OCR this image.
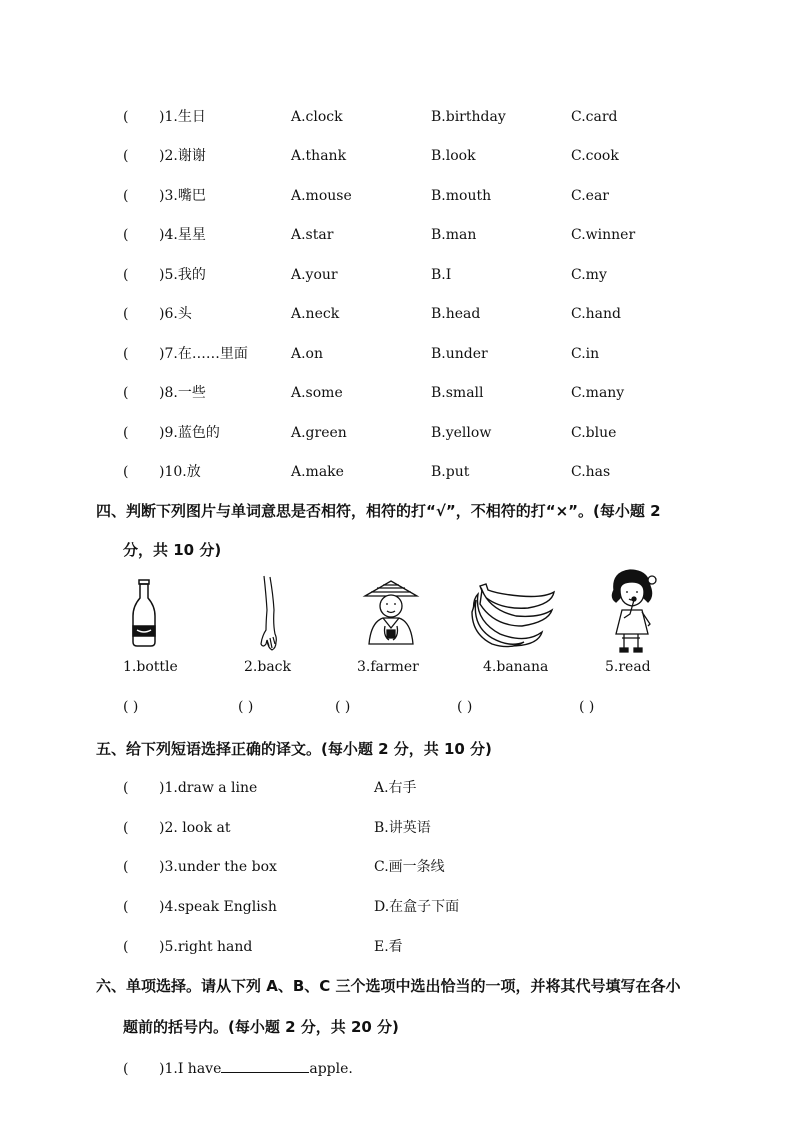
( )1.生日	A.clock	B.birthday	C.card
( )2.谢谢	A.thank	B.look	C.cook
( )3.嘴巴	A.mouse	B.mouth	C.ear
( )4.星星	A.star	B.man	C.winner
( )5.我的	A.your	B.I	C.my
( )6.头	A.neck	B.head	C.hand
( )7.在……里面	A.on	B.under	C.in
( )8.一些	A.some	B.small	C.many
( )9.蓝色的	A.green	B.yellow	C.blue
( )10.放	A.make	B.put	C.has
四、判断下列图片与单词意思是否相符，相符的打“√”，不相符的打“×”。(每小题 2
分，共 10 分)
1.bottle	2.back	3.farmer	4.banana	5.read
( )	( )	( )	( )	( )
五、给下列短语选择正确的译文。(每小题 2 分，共 10 分)
( )1.draw a line	A.右手
( )2. look at	B.讲英语
( )3.under the box	C.画一条线
( )4.speak English	D.在盒子下面
( )5.right hand	E.看
六、单项选择。请从下列 A、B、C 三个选项中选出恰当的一项，并将其代号填写在各小
题前的括号内。(每小题 2 分，共 20 分)
( )1.I have	apple.
